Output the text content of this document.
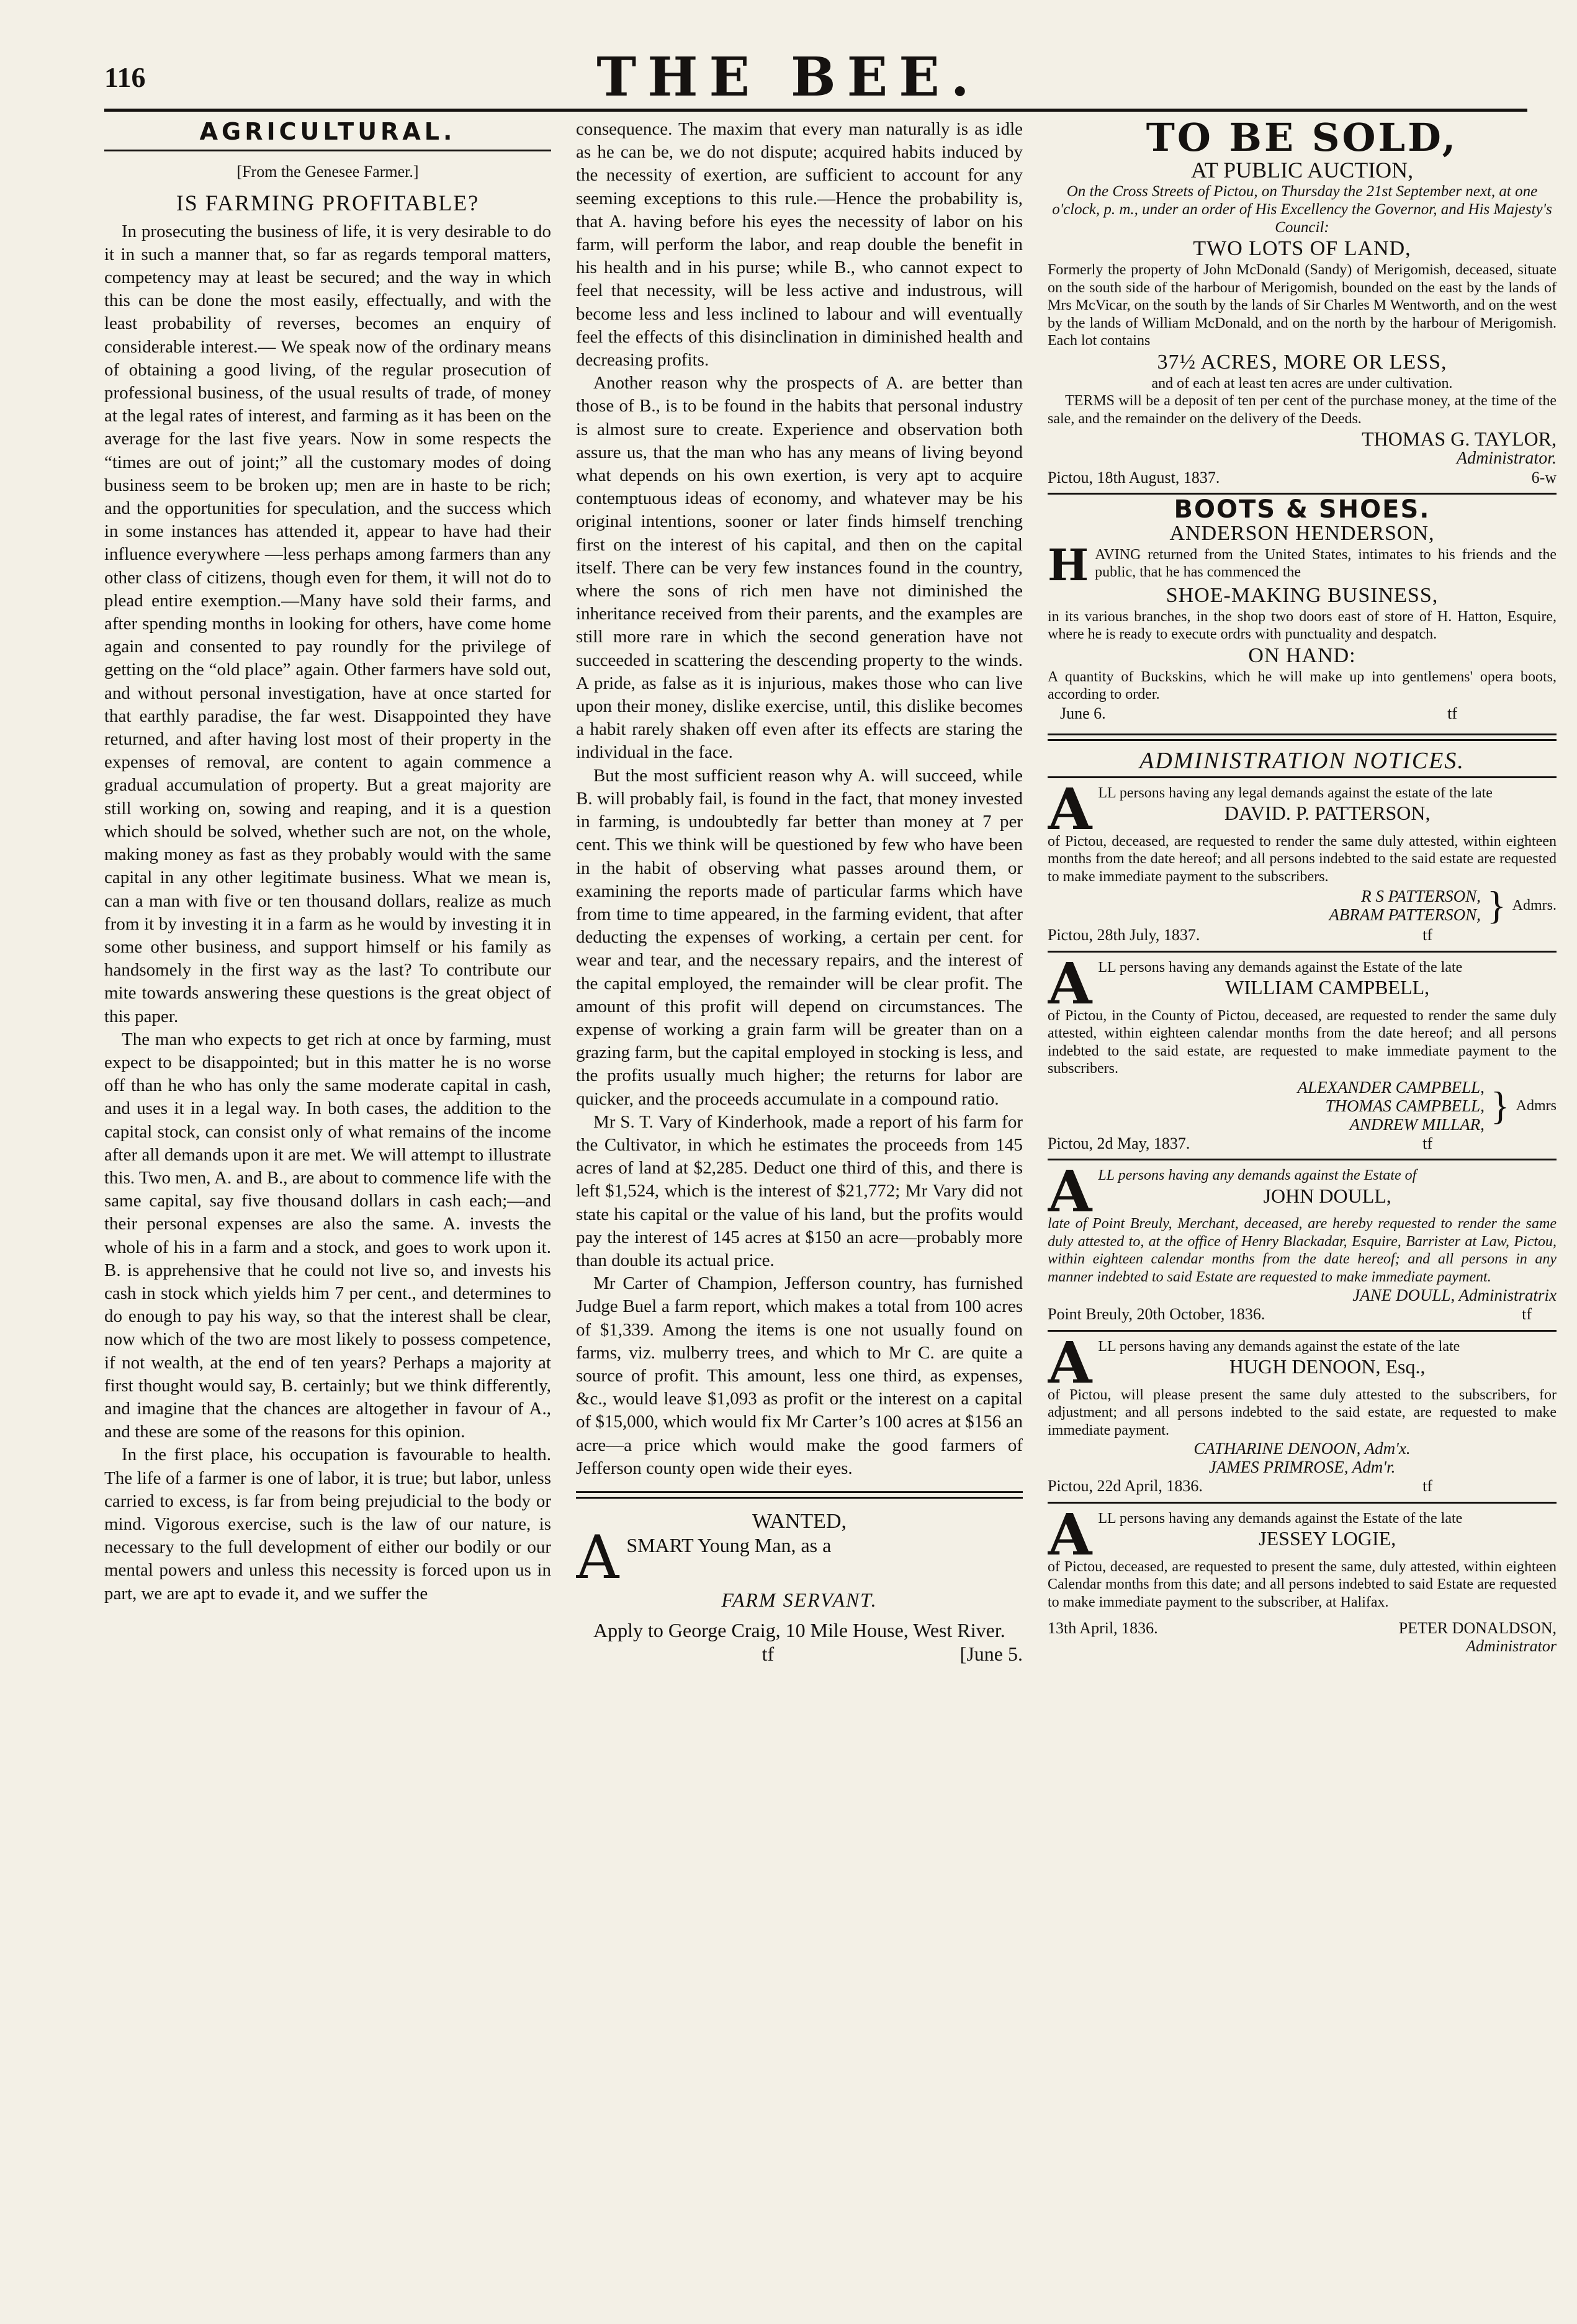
116	THE BEE.
AGRICULTURAL.
[From the Genesee Farmer.]
IS FARMING PROFITABLE?

In prosecuting the business of life, it is very desirable to do it in such a manner that, so far as regards temporal matters, competency may at least be secured; and the way in which this can be done the most easily, effectually, and with the least probability of reverses, becomes an enquiry of considerable interest.— We speak now of the ordinary means of obtaining a good living, of the regular prosecution of professional business, of the usual results of trade, of money at the legal rates of interest, and farming as it has been on the average for the last five years. Now in some respects the “times are out of joint;” all the customary modes of doing business seem to be broken up; men are in haste to be rich; and the opportunities for speculation, and the success which in some instances has attended it, appear to have had their influence everywhere —less perhaps among farmers than any other class of citizens, though even for them, it will not do to plead entire exemption.—Many have sold their farms, and after spending months in looking for others, have come home again and consented to pay roundly for the privilege of getting on the “old place” again. Other farmers have sold out, and without personal investigation, have at once started for that earthly paradise, the far west. Disappointed they have returned, and after having lost most of their property in the expenses of removal, are content to again commence a gradual accumulation of property. But a great majority are still working on, sowing and reaping, and it is a question which should be solved, whether such are not, on the whole, making money as fast as they probably would with the same capital in any other legitimate business. What we mean is, can a man with five or ten thousand dollars, realize as much from it by investing it in a farm as he would by investing it in some other business, and support himself or his family as handsomely in the first way as the last? To contribute our mite towards answering these questions is the great object of this paper.

The man who expects to get rich at once by farming, must expect to be disappointed; but in this matter he is no worse off than he who has only the same moderate capital in cash, and uses it in a legal way. In both cases, the addition to the capital stock, can consist only of what remains of the income after all demands upon it are met. We will attempt to illustrate this. Two men, A. and B., are about to commence life with the same capital, say five thousand dollars in cash each;—and their personal expenses are also the same. A. invests the whole of his in a farm and a stock, and goes to work upon it. B. is apprehensive that he could not live so, and invests his cash in stock which yields him 7 per cent., and determines to do enough to pay his way, so that the interest shall be clear, now which of the two are most likely to possess competence, if not wealth, at the end of ten years? Perhaps a majority at first thought would say, B. certainly; but we think differently, and imagine that the chances are altogether in favour of A., and these are some of the reasons for this opinion.

In the first place, his occupation is favourable to health. The life of a farmer is one of labor, it is true; but labor, unless carried to excess, is far from being prejudicial to the body or mind. Vigorous exercise, such is the law of our nature, is necessary to the full development of either our bodily or our mental powers and unless this necessity is forced upon us in part, we are apt to evade it, and we suffer the

consequence. The maxim that every man naturally is as idle as he can be, we do not dispute; acquired habits induced by the necessity of exertion, are sufficient to account for any seeming exceptions to this rule.—Hence the probability is, that A. having before his eyes the necessity of labor on his farm, will perform the labor, and reap double the benefit in his health and in his purse; while B., who cannot expect to feel that necessity, will be less active and industrous, will become less and less inclined to labour and will eventually feel the effects of this disinclination in diminished health and decreasing profits.

Another reason why the prospects of A. are better than those of B., is to be found in the habits that personal industry is almost sure to create. Experience and observation both assure us, that the man who has any means of living beyond what depends on his own exertion, is very apt to acquire contemptuous ideas of economy, and whatever may be his original intentions, sooner or later finds himself trenching first on the interest of his capital, and then on the capital itself. There can be very few instances found in the country, where the sons of rich men have not diminished the inheritance received from their parents, and the examples are still more rare in which the second generation have not succeeded in scattering the descending property to the winds. A pride, as false as it is injurious, makes those who can live upon their money, dislike exercise, until, this dislike becomes a habit rarely shaken off even after its effects are staring the individual in the face.

But the most sufficient reason why A. will succeed, while B. will probably fail, is found in the fact, that money invested in farming, is undoubtedly far better than money at 7 per cent. This we think will be questioned by few who have been in the habit of observing what passes around them, or examining the reports made of particular farms which have from time to time appeared, in the farming evident, that after deducting the expenses of working, a certain per cent. for wear and tear, and the necessary repairs, and the interest of the capital employed, the remainder will be clear profit. The amount of this profit will depend on circumstances. The expense of working a grain farm will be greater than on a grazing farm, but the capital employed in stocking is less, and the profits usually much higher; the returns for labor are quicker, and the proceeds accumulate in a compound ratio.

Mr S. T. Vary of Kinderhook, made a report of his farm for the Cultivator, in which he estimates the proceeds from 145 acres of land at $2,285. Deduct one third of this, and there is left $1,524, which is the interest of $21,772; Mr Vary did not state his capital or the value of his land, but the profits would pay the interest of 145 acres at $150 an acre—probably more than double its actual price.

Mr Carter of Champion, Jefferson country, has furnished Judge Buel a farm report, which makes a total from 100 acres of $1,339. Among the items is one not usually found on farms, viz. mulberry trees, and which to Mr C. are quite a source of profit. This amount, less one third, as expenses, &c., would leave $1,093 as profit or the interest on a capital of $15,000, which would fix Mr Carter’s 100 acres at $156 an acre—a price which would make the good farmers of Jefferson county open wide their eyes.

WANTED,
A SMART Young Man, as a
FARM SERVANT.
Apply to George Craig, 10 Mile House, West River.
tf	[June 5.
TO BE SOLD,
AT PUBLIC AUCTION,
On the Cross Streets of Pictou, on Thursday the 21st September next, at one o'clock, p. m., under an order of His Excellency the Governor, and His Majesty's Council:
TWO LOTS OF LAND,

Formerly the property of John McDonald (Sandy) of Merigomish, deceased, situate on the south side of the harbour of Merigomish, bounded on the east by the lands of Mrs McVicar, on the south by the lands of Sir Charles M Wentworth, and on the west by the lands of William McDonald, and on the north by the harbour of Merigomish. Each lot contains

37½ ACRES, MORE OR LESS,

and of each at least ten acres are under cultivation.

TERMS will be a deposit of ten per cent of the purchase money, at the time of the sale, and the remainder on the delivery of the Deeds.

THOMAS G. TAYLOR,
Administrator.
Pictou, 18th August, 1837.	6-w
BOOTS & SHOES.
ANDERSON HENDERSON,
H AVING returned from the United States, intimates to his friends and the public, that he has commenced the
SHOE-MAKING BUSINESS,

in its various branches, in the shop two doors east of store of H. Hatton, Esquire, where he is ready to execute ordrs with punctuality and despatch.

ON HAND:

A quantity of Buckskins, which he will make up into gentlemens' opera boots, according to order.

June 6.	tf
ADMINISTRATION NOTICES.
A LL persons having any legal demands against the estate of the late

DAVID. P. PATTERSON,

of Pictou, deceased, are requested to render the same duly attested, within eighteen months from the date hereof; and all persons indebted to the said estate are requested to make immediate payment to the subscribers.

R S PATTERSON,
ABRAM PATTERSON, } Admrs.
Pictou, 28th July, 1837.	tf
A LL persons having any demands against the Estate of the late

WILLIAM CAMPBELL,

of Pictou, in the County of Pictou, deceased, are requested to render the same duly attested, within eighteen calendar months from the date hereof; and all persons indebted to the said estate, are requested to make immediate payment to the subscribers.

ALEXANDER CAMPBELL,
THOMAS CAMPBELL,
ANDREW MILLAR, } Admrs
Pictou, 2d May, 1837.	tf
A LL persons having any demands against the Estate of

JOHN DOULL,

late of Point Breuly, Merchant, deceased, are hereby requested to render the same duly attested to, at the office of Henry Blackadar, Esquire, Barrister at Law, Pictou, within eighteen calendar months from the date hereof; and all persons in any manner indebted to said Estate are requested to make immediate payment.

JANE DOULL, Administratrix
Point Breuly, 20th October, 1836.	tf
A LL persons having any demands against the estate of the late

HUGH DENOON, Esq.,

of Pictou, will please present the same duly attested to the subscribers, for adjustment; and all persons indebted to the said estate, are requested to make immediate payment.

CATHARINE DENOON, Adm'x.
JAMES PRIMROSE, Adm'r.
Pictou, 22d April, 1836.	tf
A LL persons having any demands against the Estate of the late

JESSEY LOGIE,

of Pictou, deceased, are requested to present the same, duly attested, within eighteen Calendar months from this date; and all persons indebted to said Estate are requested to make immediate payment to the subscriber, at Halifax.

13th April, 1836.	PETER DONALDSON,
Administrator
